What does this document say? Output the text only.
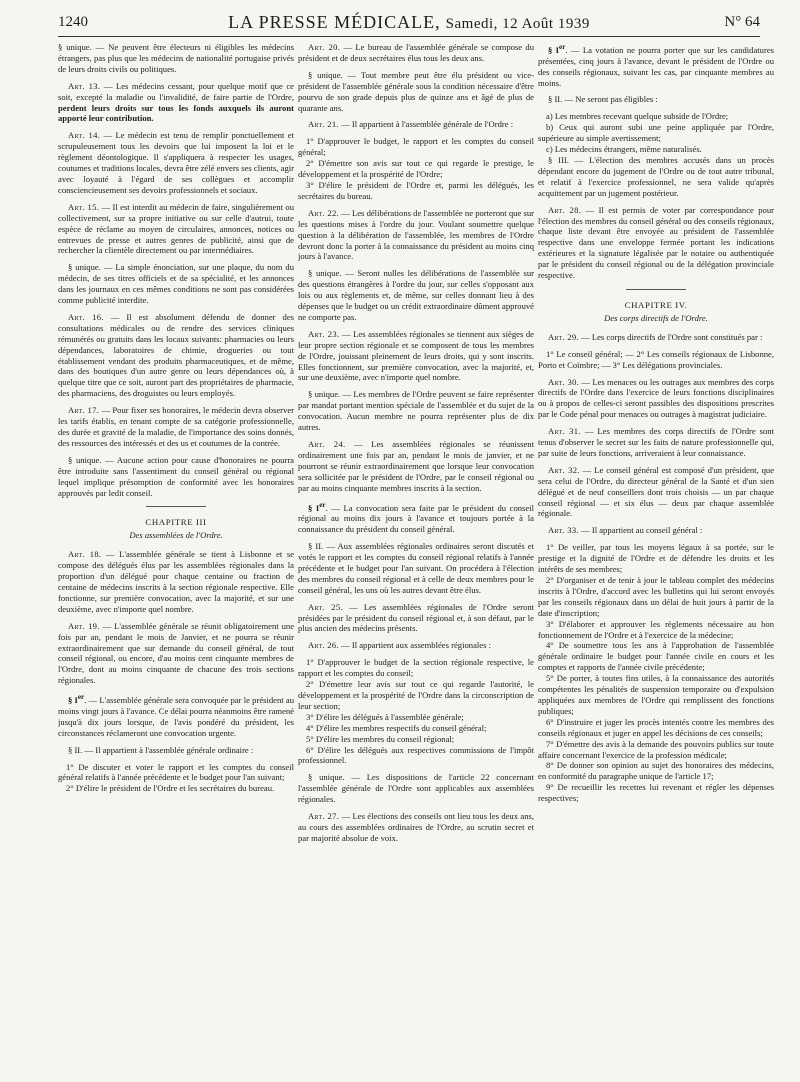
1240	LA PRESSE MÉDICALE, Samedi, 12 Août 1939	N° 64

§ unique. — Ne peuvent être électeurs ni éligibles les médecins étrangers, pas plus que les médecins de nationalité portugaise privés de leurs droits civils ou politiques.

Art. 13. — Les médecins cessant, pour quelque motif que ce soit, excepté la maladie ou l'invalidité, de faire partie de l'Ordre, perdent leurs droits sur tous les fonds auxquels ils auront apporté leur contribution.

Art. 14. — Le médecin est tenu de remplir ponctuellement et scrupuleusement tous les devoirs que lui imposent la loi et le règlement déontologique. Il s'appliquera à respecter les usages, coutumes et traditions locales, devra être zélé envers ses clients, agir avec loyauté à l'égard de ses collègues et accomplir consciencieusement ses devoirs professionnels et sociaux.

Art. 15. — Il est interdit au médecin de faire, singulièrement ou collectivement, sur sa propre initiative ou sur celle d'autrui, toute espèce de réclame au moyen de circulaires, annonces, notices ou entrevues de presse et autres genres de publicité, ainsi que de rechercher la clientèle directement ou par intermédiaires.

§ unique. — La simple énonciation, sur une plaque, du nom du médecin, de ses titres officiels et de sa spécialité, et les annonces dans les journaux en ces mêmes conditions ne sont pas considérées comme publicité interdite.

Art. 16. — Il est absolument défendu de donner des consultations médicales ou de rendre des services cliniques rémunérés ou gratuits dans les locaux suivants: pharmacies ou leurs dépendances, laboratoires de chimie, drogueries ou tout établissement vendant des produits pharmaceutiques, et de même, dans des boutiques d'un autre genre ou leurs dépendances où, à quelque titre que ce soit, auront part des propriétaires de pharmacie, des pharmaciens, des droguistes ou leurs employés.

Art. 17. — Pour fixer ses honoraires, le médecin devra observer les tarifs établis, en tenant compte de sa catégorie professionnelle, des durée et gravité de la maladie, de l'importance des soins donnés, des ressources des intéressés et des us et coutumes de la contrée.

§ unique. — Aucune action pour cause d'honoraires ne pourra être introduite sans l'assentiment du conseil général ou régional lequel implique présomption de conformité avec les honoraires approuvés par ledit conseil.

CHAPITRE III
Des assemblées de l'Ordre.

Art. 18. — L'assemblée générale se tient à Lisbonne et se compose des délégués élus par les assemblées régionales dans la proportion d'un délégué pour chaque centaine ou fraction de centaine de médecins inscrits à la section régionale respective. Elle fonctionne, sur première convocation, avec la majorité, et sur une deuxième, avec n'importe quel nombre.

Art. 19. — L'assemblée générale se réunit obligatoirement une fois par an, pendant le mois de Janvier, et ne pourra se réunir extraordinairement que sur demande du conseil général, de tout conseil régional, ou encore, d'au moins cent cinquante membres de l'Ordre, dont au moins cinquante de chacune des trois sections régionales.

§ Ier. — L'assemblée générale sera convoquée par le président au moins vingt jours à l'avance. Ce délai pourra néanmoins être ramené jusqu'à dix jours lorsque, de l'avis pondéré du président, les circonstances réclameront une convocation urgente.

§ II. — Il appartient à l'assemblée générale ordinaire :

1° De discuter et voter le rapport et les comptes du conseil général relatifs à l'année précédente et le budget pour l'an suivant;

2° D'élire le président de l'Ordre et les secrétaires du bureau.

Art. 20. — Le bureau de l'assemblée générale se compose du président et de deux secrétaires élus tous les deux ans.

§ unique. — Tout membre peut être élu président ou vice-président de l'assemblée générale sous la condition nécessaire d'être pourvu de son grade depuis plus de quinze ans et âgé de plus de quarante ans.

Art. 21. — Il appartient à l'assemblée générale de l'Ordre :

1° D'approuver le budget, le rapport et les comptes du conseil général;

2° D'émettre son avis sur tout ce qui regarde le prestige, le développement et la prospérité de l'Ordre;

3° D'élire le président de l'Ordre et, parmi les délégués, les secrétaires du bureau.

Art. 22. — Les délibérations de l'assemblée ne porteront que sur les questions mises à l'ordre du jour. Voulant soumettre quelque question à la délibération de l'assemblée, les membres de l'Ordre devront donc la porter à la connaissance du président au moins cinq jours à l'avance.

§ unique. — Seront nulles les délibérations de l'assemblée sur des questions étrangères à l'ordre du jour, sur celles s'opposant aux lois ou aux règlements et, de même, sur celles donnant lieu à des dépenses que le budget ou un crédit extraordinaire dûment approuvé ne comporte pas.

Art. 23. — Les assemblées régionales se tiennent aux sièges de leur propre section régionale et se composent de tous les membres de l'Ordre, jouissant pleinement de leurs droits, qui y sont inscrits. Elles fonctionnent, sur première convocation, avec la majorité, et, sur une deuxième, avec n'importe quel nombre.

§ unique. — Les membres de l'Ordre peuvent se faire représenter par mandat portant mention spéciale de l'assemblée et du sujet de la convocation. Aucun membre ne pourra représenter plus de dix autres.

Art. 24. — Les assemblées régionales se réunissent ordinairement une fois par an, pendant le mois de janvier, et ne pourront se réunir extraordinairement que lorsque leur convocation sera sollicitée par le président de l'Ordre, par le conseil régional ou par au moins cinquante membres inscrits à la section.

§ Ier. — La convocation sera faite par le président du conseil régional au moins dix jours à l'avance et toujours portée à la connaissance du président du conseil général.

§ II. — Aux assemblées régionales ordinaires seront discutés et votés le rapport et les comptes du conseil régional relatifs à l'année précédente et le budget pour l'an suivant. On procédera à l'élection des membres du conseil régional et à celle de deux membres pour le conseil général, les uns où les autres devant être élus.

Art. 25. — Les assemblées régionales de l'Ordre seront présidées par le président du conseil régional et, à son défaut, par le plus ancien des médecins présents.

Art. 26. — Il appartient aux assemblées régionales :

1° D'approuver le budget de la section régionale respective, le rapport et les comptes du conseil;

2° D'émettre leur avis sur tout ce qui regarde l'autorité, le développement et la prospérité de l'Ordre dans la circonscription de leur section;

3° D'élire les délégués à l'assemblée générale;

4° D'élire les membres respectifs du conseil général;

5° D'élire les membres du conseil régional;

6° D'élire les délégués aux respectives commissions de l'impôt professionnel.

§ unique. — Les dispositions de l'article 22 concernant l'assemblée générale de l'Ordre sont applicables aux assemblées régionales.

Art. 27. — Les élections des conseils ont lieu tous les deux ans, au cours des assemblées ordinaires de l'Ordre, au scrutin secret et par majorité absolue de voix.

§ Ier. — La votation ne pourra porter que sur les candidatures présentées, cinq jours à l'avance, devant le président de l'Ordre ou des conseils régionaux, suivant les cas, par cinquante membres au moins.

§ II. — Ne seront pas éligibles :

a) Les membres recevant quelque subside de l'Ordre;

b) Ceux qui auront subi une peine appliquée par l'Ordre, supérieure au simple avertissement;

c) Les médecins étrangers, même naturalisés.

§ III. — L'élection des membres accusés dans un procès dépendant encore du jugement de l'Ordre ou de tout autre tribunal, et relatif à l'exercice professionnel, ne sera valide qu'après acquittement par un jugement postérieur.

Art. 28. — Il est permis de voter par correspondance pour l'élection des membres du conseil général ou des conseils régionaux, chaque liste devant être envoyée au président de l'assemblée respective dans une enveloppe fermée portant les indications extérieures et la signature légalisée par le notaire ou authentiquée par le président du conseil régional ou de la délégation provinciale respective.

CHAPITRE IV.
Des corps directifs de l'Ordre.

Art. 29. — Les corps directifs de l'Ordre sont constitués par :

1° Le conseil général; — 2° Les conseils régionaux de Lisbonne, Porto et Coïmbre; — 3° Les délégations provinciales.

Art. 30. — Les menaces ou les outrages aux membres des corps directifs de l'Ordre dans l'exercice de leurs fonctions disciplinaires ou à propos de celles-ci seront passibles des dispositions prescrites par le Code pénal pour menaces ou outrages à magistrat judiciaire.

Art. 31. — Les membres des corps directifs de l'Ordre sont tenus d'observer le secret sur les faits de nature professionnelle qui, par suite de leurs fonctions, arriveraient à leur connaissance.

Art. 32. — Le conseil général est composé d'un président, que sera celui de l'Ordre, du directeur général de la Santé et d'un sien délégué et de neuf conseillers dont trois choisis — un par chaque conseil régional — et six élus — deux par chaque assemblée régionale.

Art. 33. — Il appartient au conseil général :

1° De veiller, par tous les moyens légaux à sa portée, sur le prestige et la dignité de l'Ordre et de défendre les droits et les intérêts de ses membres;

2° D'organiser et de tenir à jour le tableau complet des médecins inscrits à l'Ordre, d'accord avec les bulletins qui lui seront envoyés par les conseils régionaux dans un délai de huit jours à partir de la date d'inscription;

3° D'élaborer et approuver les règlements nécessaire au bon fonctionnement de l'Ordre et à l'exercice de la médecine;

4° De soumettre tous les ans à l'approbation de l'assemblée générale ordinaire le budget pour l'année civile en cours et les comptes et rapports de l'année civile précédente;

5° De porter, à toutes fins utiles, à la connaissance des autorités compétentes les pénalités de suspension temporaire ou d'expulsion appliquées aux membres de l'Ordre qui remplissent des fonctions publiques;

6° D'instruire et juger les procès intentés contre les membres des conseils régionaux et juger en appel les décisions de ces conseils;

7° D'émettre des avis à la demande des pouvoirs publics sur toute affaire concernant l'exercice de la profession médicale;

8° De donner son opinion au sujet des honoraires des médecins, en conformité du paragraphe unique de l'article 17;

9° De recueillir les recettes lui revenant et régler les dépenses respectives;
